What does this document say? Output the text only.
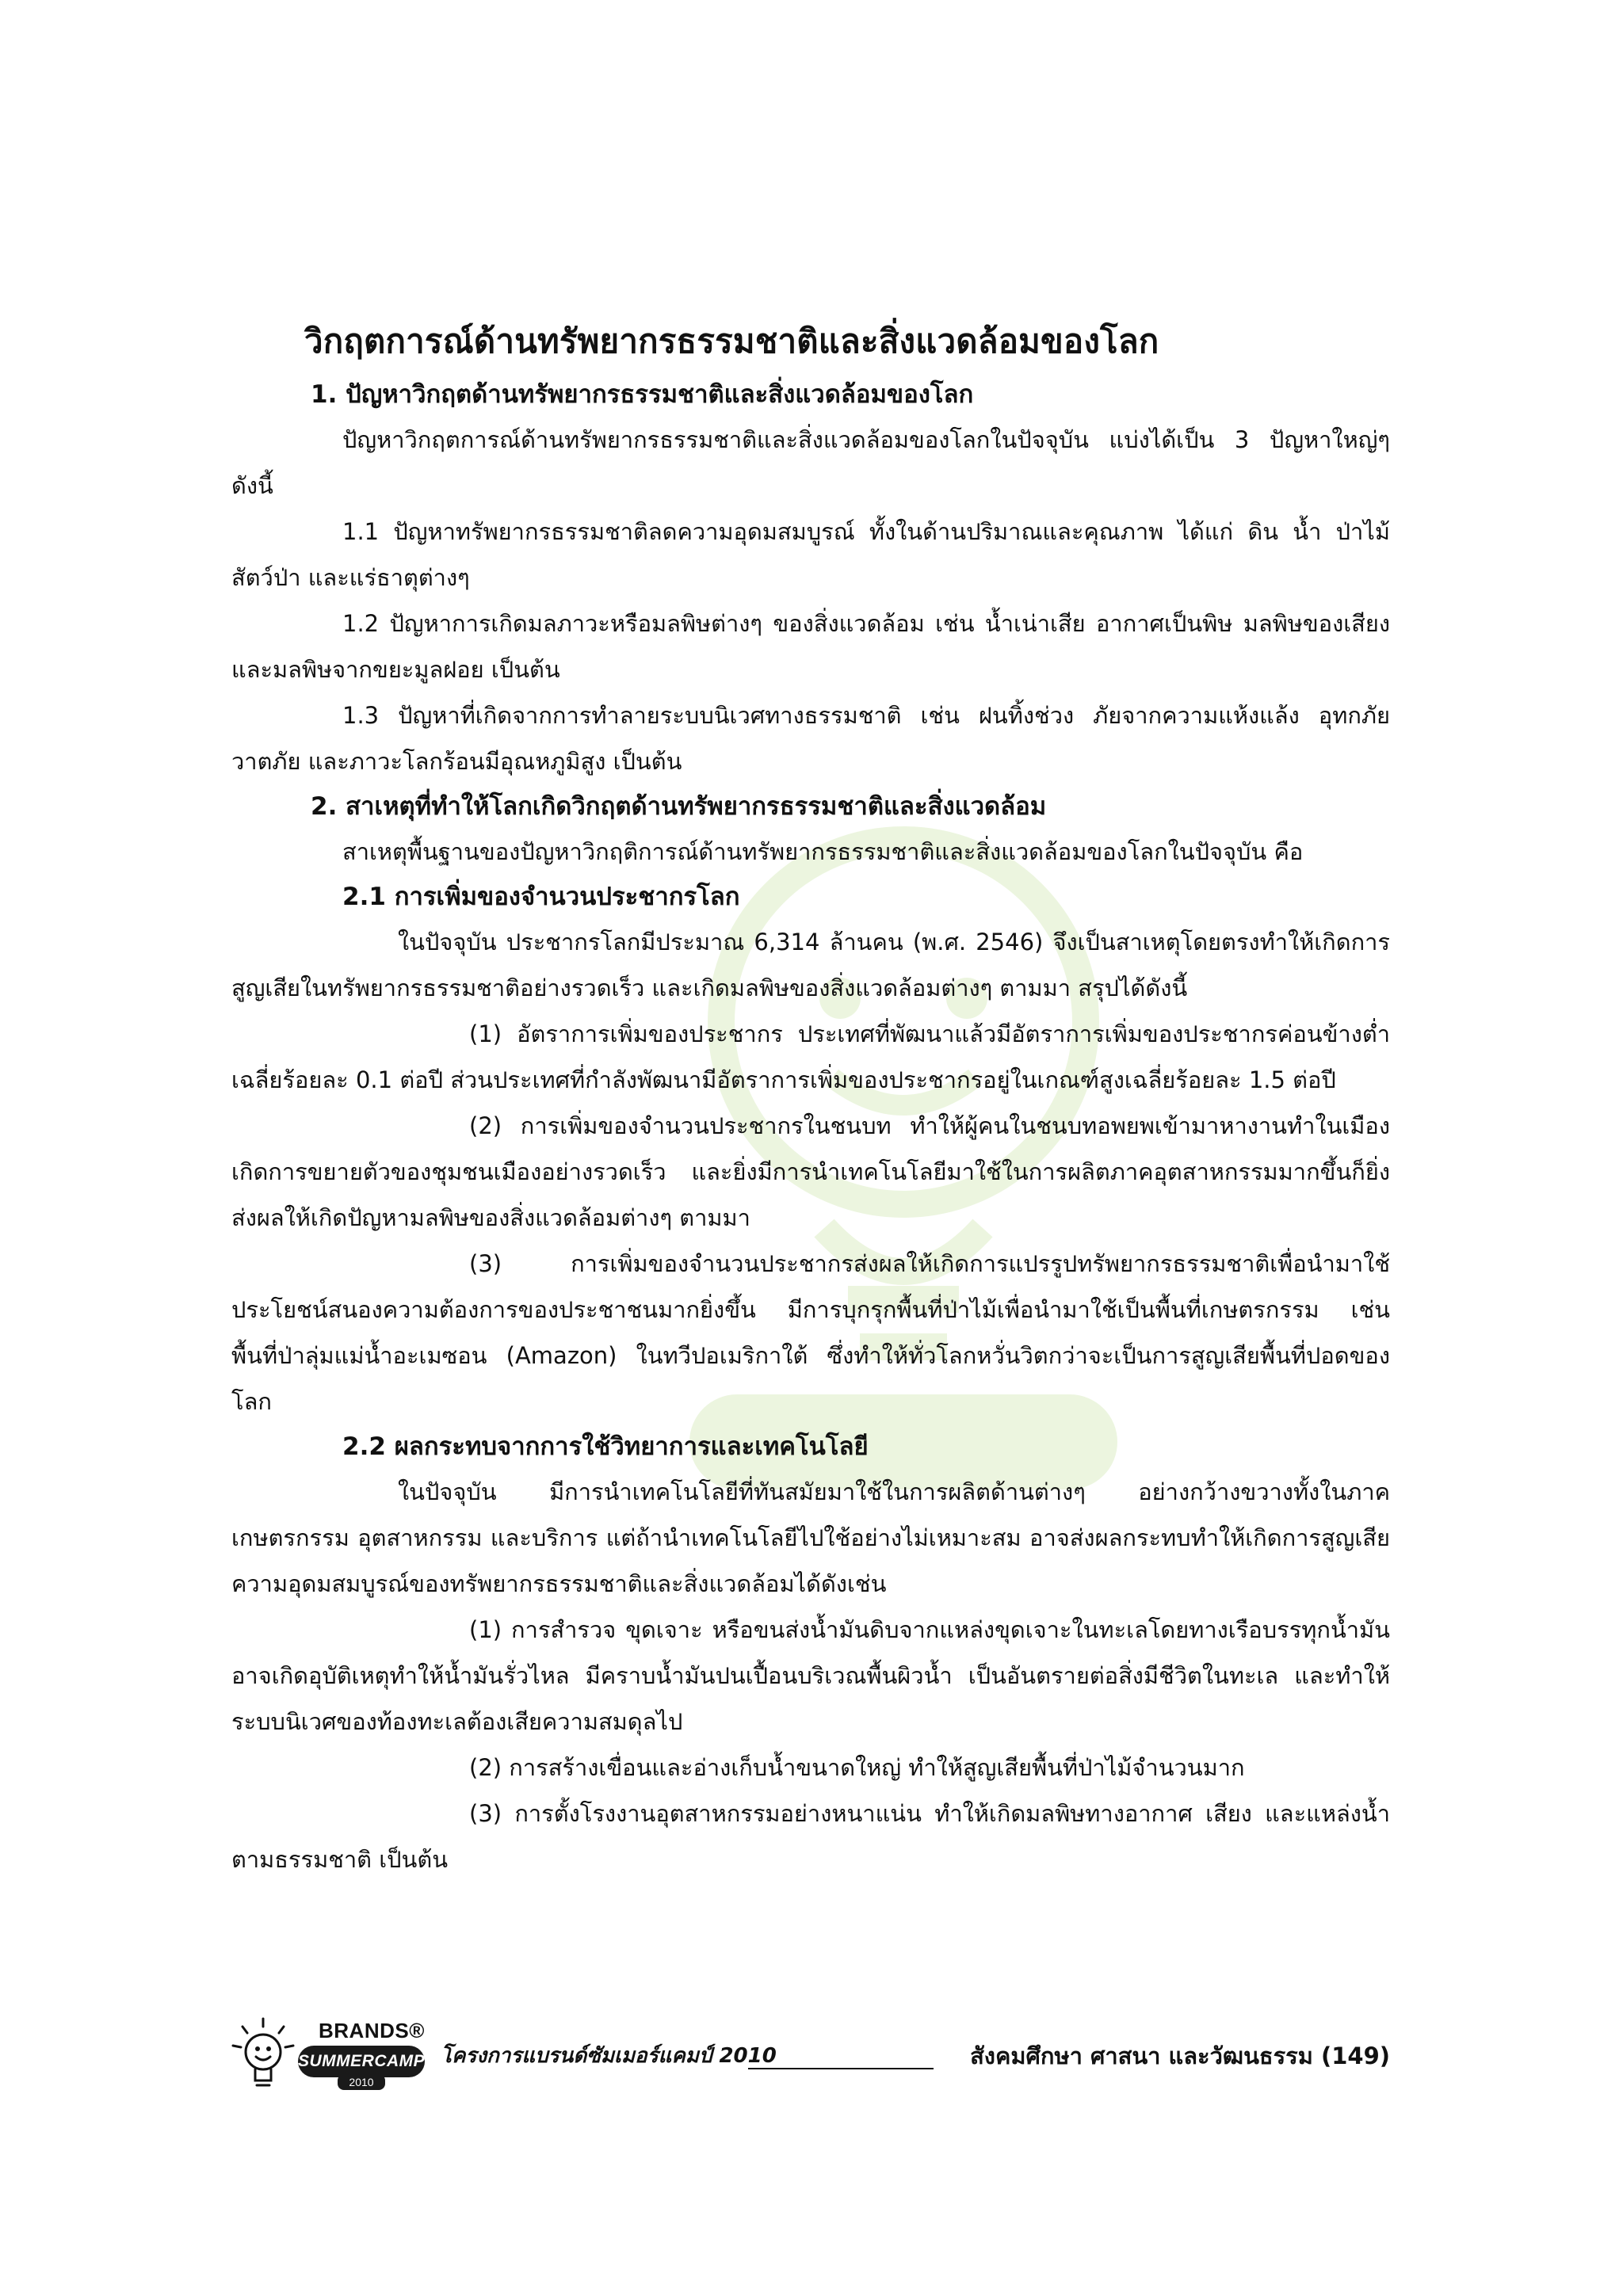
วิกฤตการณ์ด้านทรัพยากรธรรมชาติและสิ่งแวดล้อมของโลก
1. ปัญหาวิกฤตด้านทรัพยากรธรรมชาติและสิ่งแวดล้อมของโลก

ปัญหาวิกฤตการณ์ด้านทรัพยากรธรรมชาติและสิ่งแวดล้อมของโลกในปัจจุบัน แบ่งได้เป็น 3 ปัญหาใหญ่ๆ ดังนี้

1.1 ปัญหาทรัพยากรธรรมชาติลดความอุดมสมบูรณ์ ทั้งในด้านปริมาณและคุณภาพ ได้แก่ ดิน น้ำ ป่าไม้ สัตว์ป่า และแร่ธาตุต่างๆ

1.2 ปัญหาการเกิดมลภาวะหรือมลพิษต่างๆ ของสิ่งแวดล้อม เช่น น้ำเน่าเสีย อากาศเป็นพิษ มลพิษของเสียง และมลพิษจากขยะมูลฝอย เป็นต้น

1.3 ปัญหาที่เกิดจากการทำลายระบบนิเวศทางธรรมชาติ เช่น ฝนทิ้งช่วง ภัยจากความแห้งแล้ง อุทกภัย วาตภัย และภาวะโลกร้อนมีอุณหภูมิสูง เป็นต้น

2. สาเหตุที่ทำให้โลกเกิดวิกฤตด้านทรัพยากรธรรมชาติและสิ่งแวดล้อม

สาเหตุพื้นฐานของปัญหาวิกฤติการณ์ด้านทรัพยากรธรรมชาติและสิ่งแวดล้อมของโลกในปัจจุบัน คือ

2.1 การเพิ่มของจำนวนประชากรโลก

ในปัจจุบัน ประชากรโลกมีประมาณ 6,314 ล้านคน (พ.ศ. 2546) จึงเป็นสาเหตุโดยตรงทำให้เกิดการสูญเสียในทรัพยากรธรรมชาติอย่างรวดเร็ว และเกิดมลพิษของสิ่งแวดล้อมต่างๆ ตามมา สรุปได้ดังนี้

(1) อัตราการเพิ่มของประชากร ประเทศที่พัฒนาแล้วมีอัตราการเพิ่มของประชากรค่อนข้างต่ำ เฉลี่ยร้อยละ 0.1 ต่อปี ส่วนประเทศที่กำลังพัฒนามีอัตราการเพิ่มของประชากรอยู่ในเกณฑ์สูงเฉลี่ยร้อยละ 1.5 ต่อปี

(2) การเพิ่มของจำนวนประชากรในชนบท ทำให้ผู้คนในชนบทอพยพเข้ามาหางานทำในเมือง เกิดการขยายตัวของชุมชนเมืองอย่างรวดเร็ว และยิ่งมีการนำเทคโนโลยีมาใช้ในการผลิตภาคอุตสาหกรรมมากขึ้นก็ยิ่งส่งผลให้เกิดปัญหามลพิษของสิ่งแวดล้อมต่างๆ ตามมา

(3) การเพิ่มของจำนวนประชากรส่งผลให้เกิดการแปรรูปทรัพยากรธรรมชาติเพื่อนำมาใช้ประโยชน์สนองความต้องการของประชาชนมากยิ่งขึ้น มีการบุกรุกพื้นที่ป่าไม้เพื่อนำมาใช้เป็นพื้นที่เกษตรกรรม เช่น พื้นที่ป่าลุ่มแม่น้ำอะเมซอน (Amazon) ในทวีปอเมริกาใต้ ซึ่งทำให้ทั่วโลกหวั่นวิตกว่าจะเป็นการสูญเสียพื้นที่ปอดของโลก

2.2 ผลกระทบจากการใช้วิทยาการและเทคโนโลยี

ในปัจจุบัน มีการนำเทคโนโลยีที่ทันสมัยมาใช้ในการผลิตด้านต่างๆ อย่างกว้างขวางทั้งในภาคเกษตรกรรม อุตสาหกรรม และบริการ แต่ถ้านำเทคโนโลยีไปใช้อย่างไม่เหมาะสม อาจส่งผลกระทบทำให้เกิดการสูญเสียความอุดมสมบูรณ์ของทรัพยากรธรรมชาติและสิ่งแวดล้อมได้ดังเช่น

(1) การสำรวจ ขุดเจาะ หรือขนส่งน้ำมันดิบจากแหล่งขุดเจาะในทะเลโดยทางเรือบรรทุกน้ำมันอาจเกิดอุบัติเหตุทำให้น้ำมันรั่วไหล มีคราบน้ำมันปนเปื้อนบริเวณพื้นผิวน้ำ เป็นอันตรายต่อสิ่งมีชีวิตในทะเล และทำให้ระบบนิเวศของท้องทะเลต้องเสียความสมดุลไป

(2) การสร้างเขื่อนและอ่างเก็บน้ำขนาดใหญ่ ทำให้สูญเสียพื้นที่ป่าไม้จำนวนมาก

(3) การตั้งโรงงานอุตสาหกรรมอย่างหนาแน่น ทำให้เกิดมลพิษทางอากาศ เสียง และแหล่งน้ำตามธรรมชาติ เป็นต้น

BRANDS®
SUMMERCAMP
2010
โครงการแบรนด์ซัมเมอร์แคมป์ 2010	สังคมศึกษา ศาสนา และวัฒนธรรม (149)
